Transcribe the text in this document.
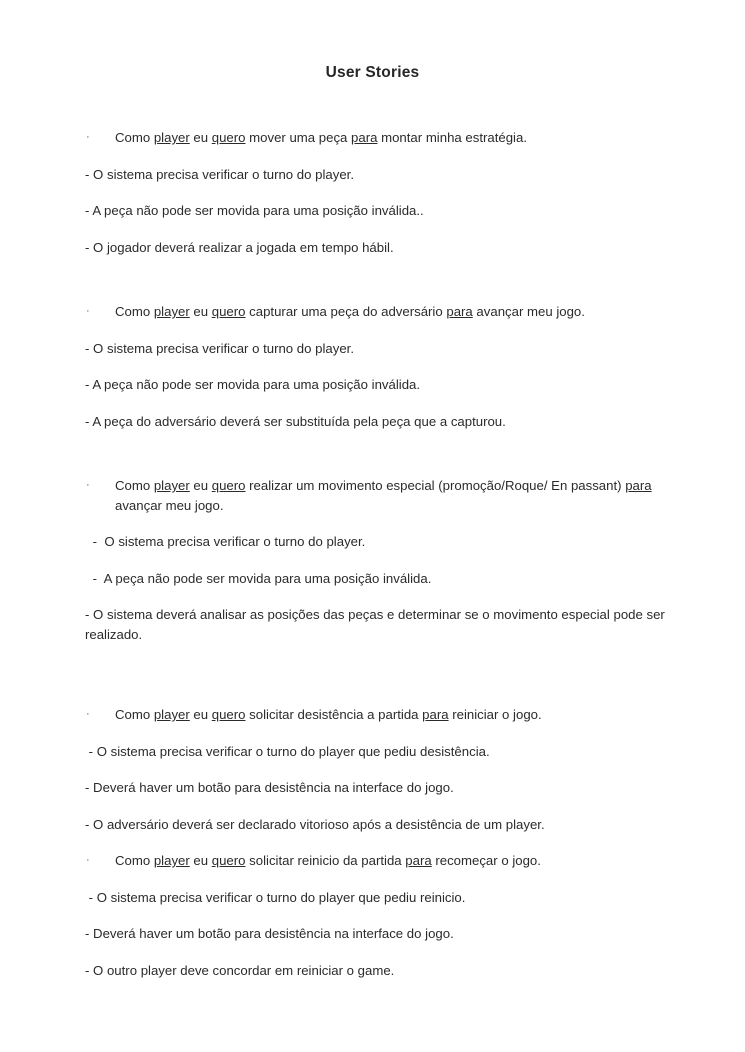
User Stories

· Como player eu quero mover uma peça para montar minha estratégia.

- O sistema precisa verificar o turno do player.

- A peça não pode ser movida para uma posição inválida..

- O jogador deverá realizar a jogada em tempo hábil.

· Como player eu quero capturar uma peça do adversário para avançar meu jogo.

- O sistema precisa verificar o turno do player.

- A peça não pode ser movida para uma posição inválida.

- A peça do adversário deverá ser substituída pela peça que a capturou.

· Como player eu quero realizar um movimento especial (promoção/Roque/ En passant) para avançar meu jogo.

-  O sistema precisa verificar o turno do player.

-  A peça não pode ser movida para uma posição inválida.

- O sistema deverá analisar as posições das peças e determinar se o movimento especial pode ser realizado.

· Como player eu quero solicitar desistência a partida para reiniciar o jogo.

- O sistema precisa verificar o turno do player que pediu desistência.

- Deverá haver um botão para desistência na interface do jogo.

- O adversário deverá ser declarado vitorioso após a desistência de um player.

· Como player eu quero solicitar reinicio da partida para recomeçar o jogo.

- O sistema precisa verificar o turno do player que pediu reinicio.

- Deverá haver um botão para desistência na interface do jogo.

- O outro player deve concordar em reiniciar o game.
